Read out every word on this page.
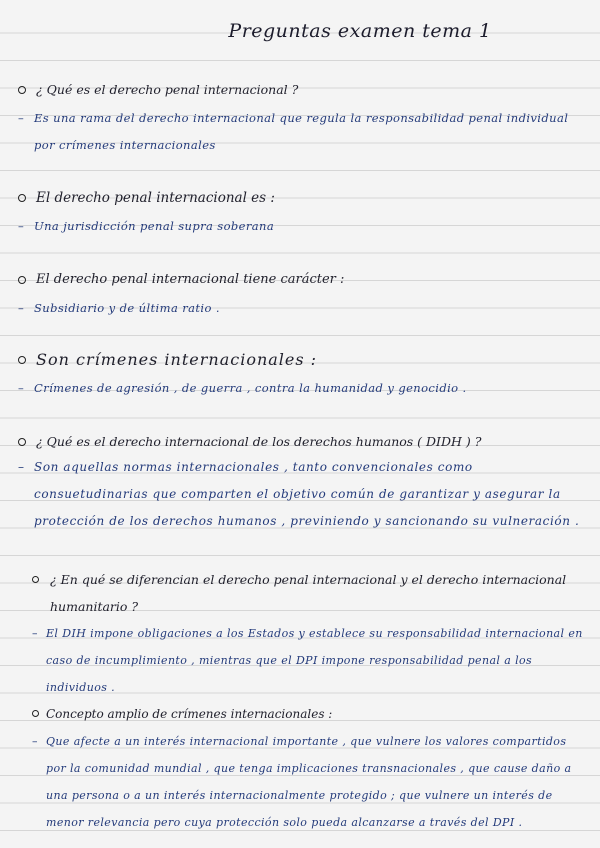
Preguntas examen tema 1
¿ Qué es el derecho penal internacional ?
– Es una rama del derecho internacional que regula la responsabilidad penal individual por crímenes internacionales
El derecho penal internacional es :
– Una jurisdicción penal supra soberana
El derecho penal internacional tiene carácter :
– Subsidiario y de última ratio .
Son crímenes internacionales :
– Crímenes de agresión , de guerra , contra la humanidad y genocidio .
¿ Qué es el derecho internacional de los derechos humanos ( DIDH ) ?
– Son aquellas normas internacionales , tanto convencionales como consuetudinarias que comparten el objetivo común de garantizar y asegurar la protección de los derechos humanos , previniendo y sancionando su vulneración .
¿ En qué se diferencian el derecho penal internacional y el derecho internacional humanitario ?
– El DIH impone obligaciones a los Estados y establece su responsabilidad internacional en caso de incumplimiento , mientras que el DPI impone responsabilidad penal a los individuos .
Concepto amplio de crímenes internacionales :
– Que afecte a un interés internacional importante , que vulnere los valores compartidos por la comunidad mundial , que tenga implicaciones transnacionales , que cause daño a una persona o a un interés internacionalmente protegido ; que vulnere un interés de menor relevancia pero cuya protección solo pueda alcanzarse a través del DPI .
